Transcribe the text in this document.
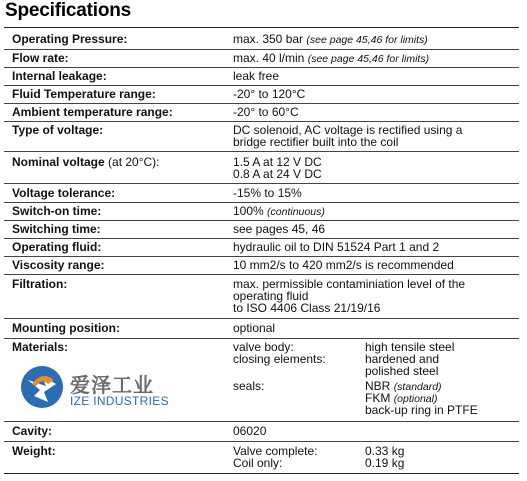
Specifications
Operating Pressure:	max. 350 bar (see page 45,46 for limits)
Flow rate:	max. 40 l/min (see page 45,46 for limits)
Internal leakage:	leak free
Fluid Temperature range:	-20° to 120°C
Ambient temperature range:	-20° to 60°C
Type of voltage:	DC solenoid, AC voltage is rectified using a
bridge rectifier built into the coil
Nominal voltage (at 20°C):	1.5 A at 12 V DC
0.8 A at 24 V DC
Voltage tolerance:	-15% to 15%
Switch-on time:	100% (continuous)
Switching time:	see pages 45, 46
Operating fluid:	hydraulic oil to DIN 51524 Part 1 and 2
Viscosity range:	10 mm2/s to 420 mm2/s is recommended
Filtration:	max. permissible contaminiation level of the
operating fluid
to ISO 4406 Class 21/19/16
Mounting position:	optional
Materials:	valve body:	high tensile steel
closing elements:	hardened and
polished steel
seals:	NBR (standard)
FKM (optional)
back-up ring in PTFE
爱泽工业
IZE INDUSTRIES
Cavity:	06020
Weight:	Valve complete:	0.33 kg
Coil only:	0.19 kg
